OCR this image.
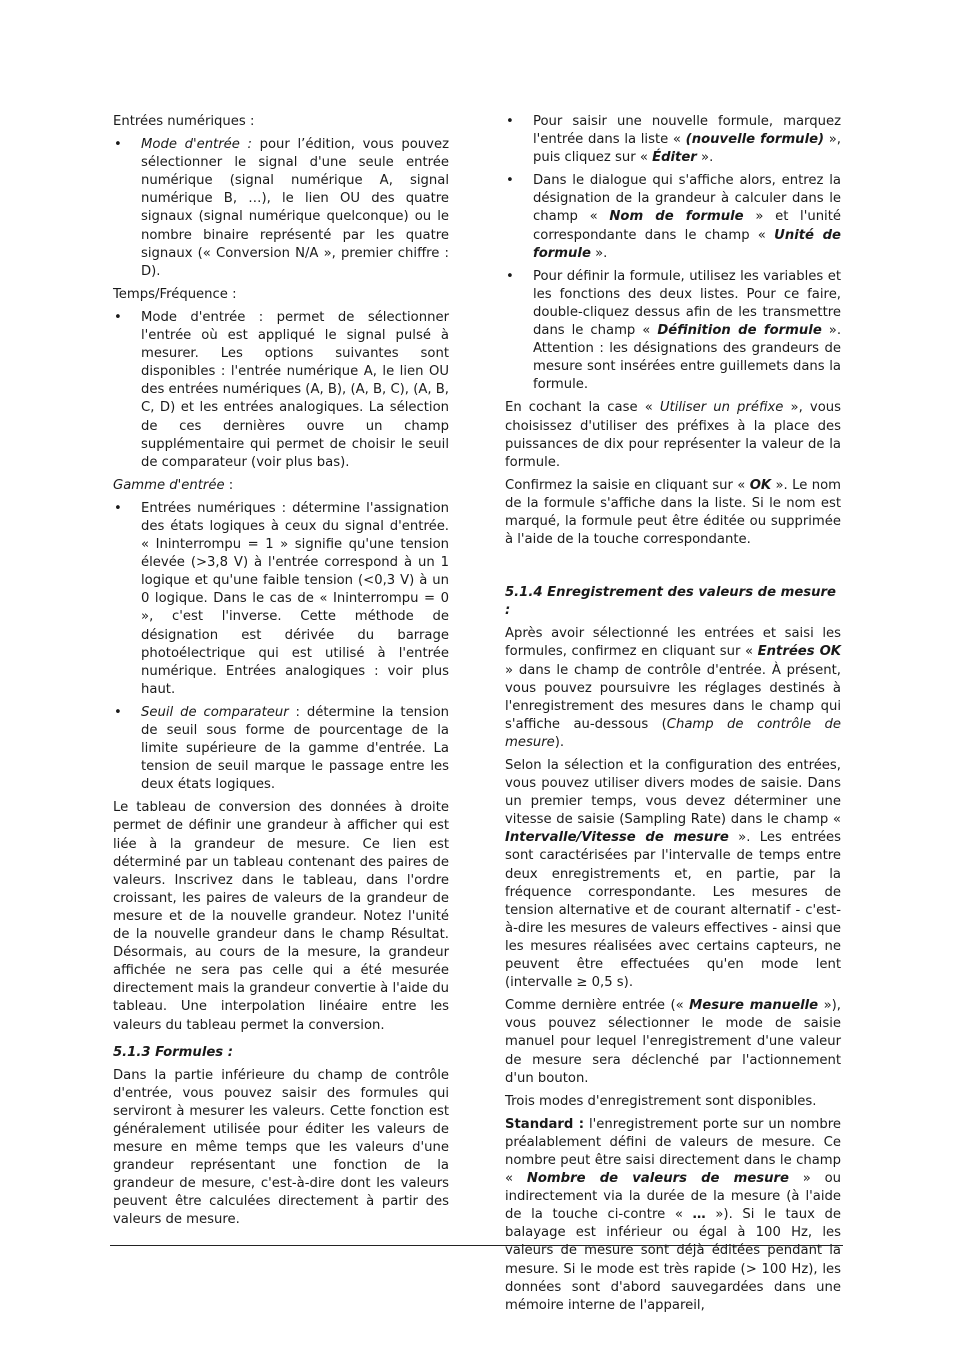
Entrées numériques :

• Mode d'entrée : pour l’édition, vous pouvez sélectionner le signal d'une seule entrée numérique (signal numérique A, signal numérique B, …), le lien OU des quatre signaux (signal numérique quelconque) ou le nombre binaire représenté par les quatre signaux (« Conversion N/A », premier chiffre : D).

Temps/Fréquence :

• Mode d'entrée : permet de sélectionner l'entrée où est appliqué le signal pulsé à mesurer. Les options suivantes sont disponibles : l'entrée numérique A, le lien OU des entrées numériques (A, B), (A, B, C), (A, B, C, D) et les entrées analogiques. La sélection de ces dernières ouvre un champ supplémentaire qui permet de choisir le seuil de comparateur (voir plus bas).

Gamme d'entrée :

• Entrées numériques : détermine l'assignation des états logiques à ceux du signal d'entrée. « Ininterrompu = 1 » signifie qu'une tension élevée (>3,8 V) à l'entrée correspond à un 1 logique et qu'une faible tension (<0,3 V) à un 0 logique. Dans le cas de « Ininterrompu = 0 », c'est l'inverse. Cette méthode de désignation est dérivée du barrage photoélectrique qui est utilisé à l'entrée numérique. Entrées analogiques : voir plus haut.
• Seuil de comparateur : détermine la tension de seuil sous forme de pourcentage de la limite supérieure de la gamme d'entrée. La tension de seuil marque le passage entre les deux états logiques.

Le tableau de conversion des données à droite permet de définir une grandeur à afficher qui est liée à la grandeur de mesure. Ce lien est déterminé par un tableau contenant des paires de valeurs. Inscrivez dans le tableau, dans l'ordre croissant, les paires de valeurs de la grandeur de mesure et de la nouvelle grandeur. Notez l'unité de la nouvelle grandeur dans le champ Résultat. Désormais, au cours de la mesure, la grandeur affichée ne sera pas celle qui a été mesurée directement mais la grandeur convertie à l'aide du tableau. Une interpolation linéaire entre les valeurs du tableau permet la conversion.

5.1.3 Formules :

Dans la partie inférieure du champ de contrôle d'entrée, vous pouvez saisir des formules qui serviront à mesurer les valeurs. Cette fonction est généralement utilisée pour éditer les valeurs de mesure en même temps que les valeurs d'une grandeur représentant une fonction de la grandeur de mesure, c'est-à-dire dont les valeurs peuvent être calculées directement à partir des valeurs de mesure.

• Pour saisir une nouvelle formule, marquez l'entrée dans la liste « (nouvelle formule) », puis cliquez sur « Éditer ».
• Dans le dialogue qui s'affiche alors, entrez la désignation de la grandeur à calculer dans le champ « Nom de formule » et l'unité correspondante dans le champ « Unité de formule ».
• Pour définir la formule, utilisez les variables et les fonctions des deux listes. Pour ce faire, double-cliquez dessus afin de les transmettre dans le champ « Définition de formule ». Attention : les désignations des grandeurs de mesure sont insérées entre guillemets dans la formule.

En cochant la case « Utiliser un préfixe », vous choisissez d'utiliser des préfixes à la place des puissances de dix pour représenter la valeur de la formule.

Confirmez la saisie en cliquant sur « OK ». Le nom de la formule s'affiche dans la liste. Si le nom est marqué, la formule peut être éditée ou supprimée à l'aide de la touche correspondante.

5.1.4 Enregistrement des valeurs de mesure :

Après avoir sélectionné les entrées et saisi les formules, confirmez en cliquant sur « Entrées OK » dans le champ de contrôle d'entrée. À présent, vous pouvez poursuivre les réglages destinés à l'enregistrement des mesures dans le champ qui s'affiche au-dessous (Champ de contrôle de mesure).

Selon la sélection et la configuration des entrées, vous pouvez utiliser divers modes de saisie. Dans un premier temps, vous devez déterminer une vitesse de saisie (Sampling Rate) dans le champ « Intervalle/Vitesse de mesure ». Les entrées sont caractérisées par l'intervalle de temps entre deux enregistrements et, en partie, par la fréquence correspondante. Les mesures de tension alternative et de courant alternatif - c'est-à-dire les mesures de valeurs effectives - ainsi que les mesures réalisées avec certains capteurs, ne peuvent être effectuées qu'en mode lent (intervalle ≥ 0,5 s).

Comme dernière entrée (« Mesure manuelle »), vous pouvez sélectionner le mode de saisie manuel pour lequel l'enregistrement d'une valeur de mesure sera déclenché par l'actionnement d'un bouton.

Trois modes d'enregistrement sont disponibles.

Standard : l'enregistrement porte sur un nombre préalablement défini de valeurs de mesure. Ce nombre peut être saisi directement dans le champ « Nombre de valeurs de mesure » ou indirectement via la durée de la mesure (à l'aide de la touche ci-contre « … »). Si le taux de balayage est inférieur ou égal à 100 Hz, les valeurs de mesure sont déjà éditées pendant la mesure. Si le mode est très rapide (> 100 Hz), les données sont d'abord sauvegardées dans une mémoire interne de l'appareil,
